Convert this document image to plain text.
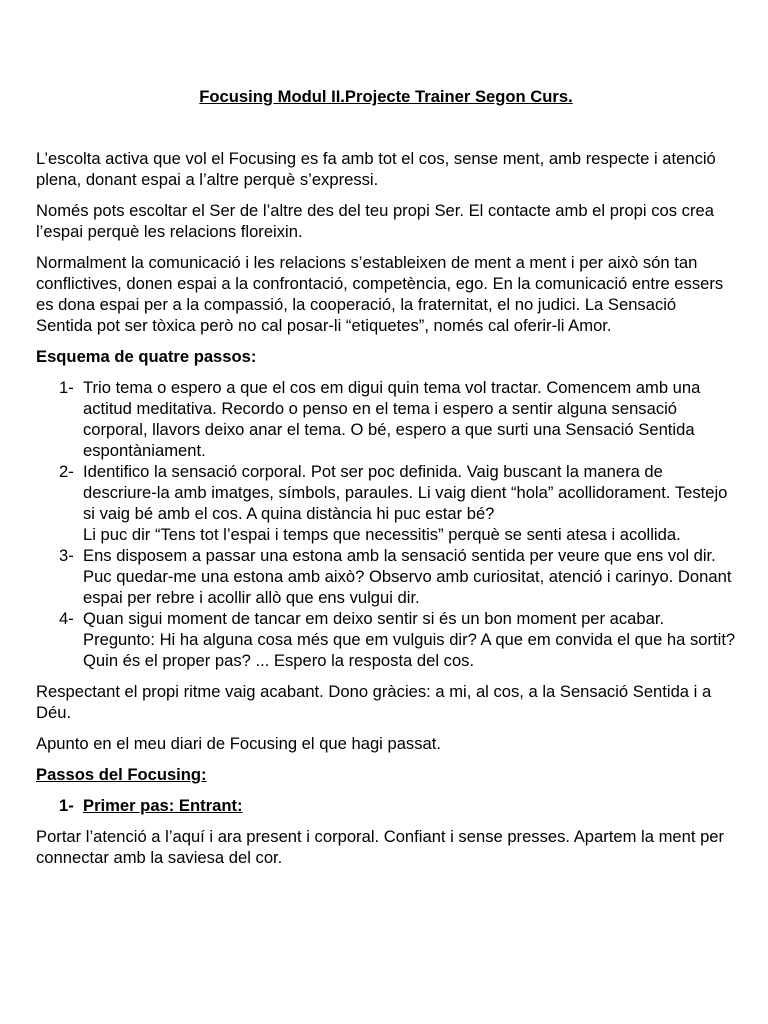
Focusing Modul II.Projecte Trainer Segon Curs.

L’escolta activa que vol el Focusing es fa amb tot el cos, sense ment, amb respecte i atenció plena, donant espai a l’altre perquè s’expressi.

Només pots escoltar el Ser de l’altre des del teu propi Ser. El contacte amb el propi cos crea l’espai perquè les relacions floreixin.

Normalment la comunicació i les relacions s’estableixen de ment a ment i per això són tan conflictives, donen espai a la confrontació, competència, ego. En la comunicació entre essers es dona espai per a la compassió, la cooperació, la fraternitat, el no judici. La Sensació Sentida pot ser tòxica però no cal posar-li “etiquetes”, només cal oferir-li Amor.

Esquema de quatre passos:
1- Trio tema o espero a que el cos em digui quin tema vol tractar. Comencem amb una actitud meditativa. Recordo o penso en el tema i espero a sentir alguna sensació corporal, llavors deixo anar el tema. O bé, espero a que surti una Sensació Sentida espontàniament.
2- Identifico la sensació corporal. Pot ser poc definida. Vaig buscant la manera de descriure-la amb imatges, símbols, paraules. Li vaig dient “hola” acollidorament. Testejo si vaig bé amb el cos. A quina distància hi puc estar bé?
Li puc dir “Tens tot l’espai i temps que necessitis” perquè se senti atesa i acollida.
3- Ens disposem a passar una estona amb la sensació sentida per veure que ens vol dir. Puc quedar-me una estona amb això? Observo amb curiositat, atenció i carinyo. Donant espai per rebre i acollir allò que ens vulgui dir.
4- Quan sigui moment de tancar em deixo sentir si és un bon moment per acabar. Pregunto: Hi ha alguna cosa més que em vulguis dir? A que em convida el que ha sortit? Quin és el proper pas? ... Espero la resposta del cos.

Respectant el propi ritme vaig acabant. Dono gràcies: a mi, al cos, a la Sensació Sentida i a Déu.

Apunto en el meu diari de Focusing el que hagi passat.

Passos del Focusing:
1- Primer pas: Entrant:

Portar l’atenció a l’aquí i ara present i corporal. Confiant i sense presses. Apartem la ment per connectar amb la saviesa del cor.
